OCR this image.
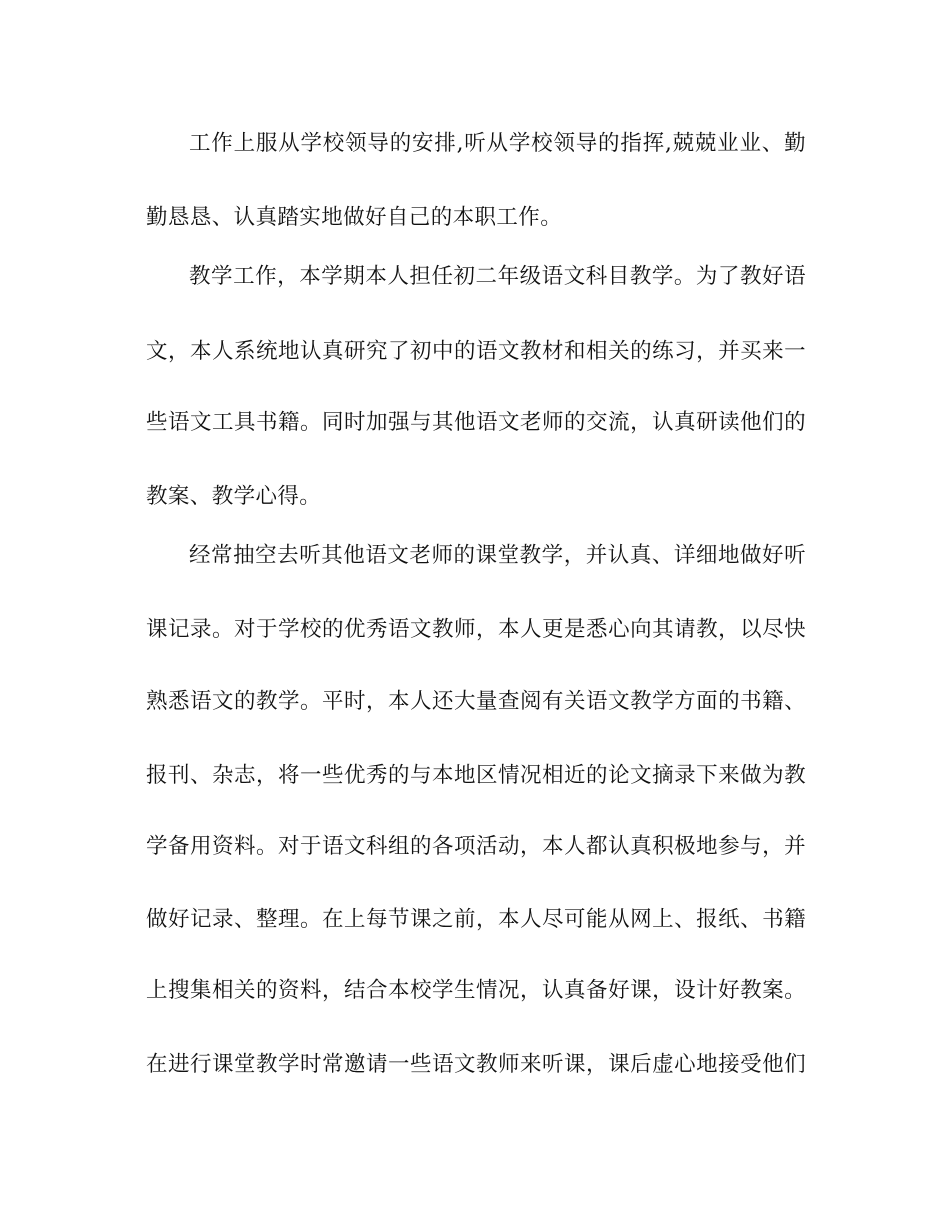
工作上服从学校领导的安排,听从学校领导的指挥,兢兢业业、勤
勤恳恳、认真踏实地做好自己的本职工作。
教学工作，本学期本人担任初二年级语文科目教学。为了教好语
文，本人系统地认真研究了初中的语文教材和相关的练习，并买来一
些语文工具书籍。同时加强与其他语文老师的交流，认真研读他们的
教案、教学心得。
经常抽空去听其他语文老师的课堂教学，并认真、详细地做好听
课记录。对于学校的优秀语文教师，本人更是悉心向其请教，以尽快
熟悉语文的教学。平时，本人还大量查阅有关语文教学方面的书籍、
报刊、杂志，将一些优秀的与本地区情况相近的论文摘录下来做为教
学备用资料。对于语文科组的各项活动，本人都认真积极地参与，并
做好记录、整理。在上每节课之前，本人尽可能从网上、报纸、书籍
上搜集相关的资料，结合本校学生情况，认真备好课，设计好教案。
在进行课堂教学时常邀请一些语文教师来听课，课后虚心地接受他们
